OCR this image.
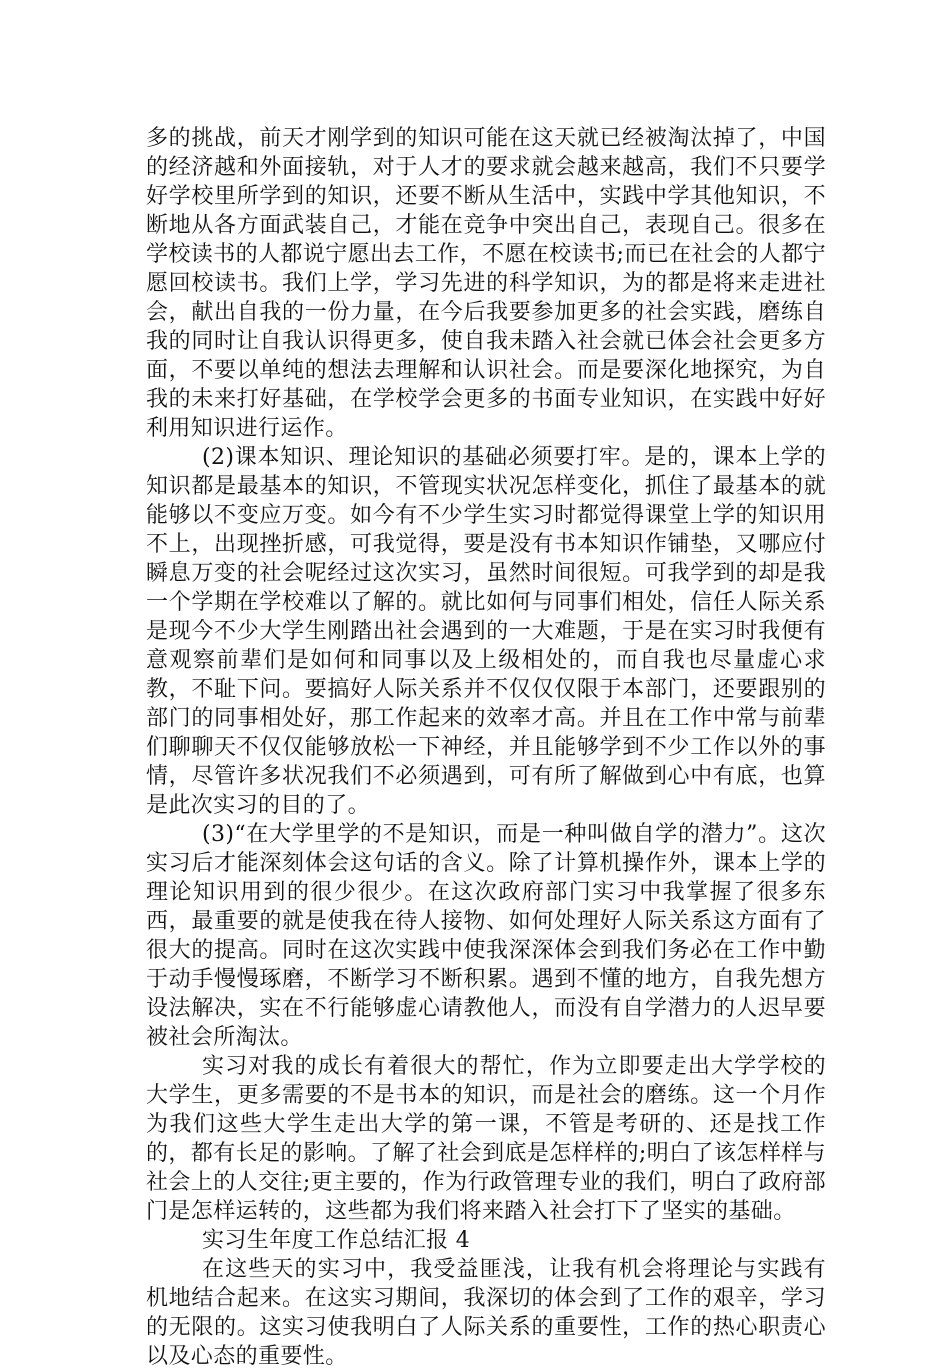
多的挑战，前天才刚学到的知识可能在这天就已经被淘汰掉了，中国的经济越和外面接轨，对于人才的要求就会越来越高，我们不只要学好学校里所学到的知识，还要不断从生活中，实践中学其他知识，不断地从各方面武装自己，才能在竞争中突出自己，表现自己。很多在学校读书的人都说宁愿出去工作，不愿在校读书;而已在社会的人都宁愿回校读书。我们上学，学习先进的科学知识，为的都是将来走进社会，献出自我的一份力量，在今后我要参加更多的社会实践，磨练自我的同时让自我认识得更多，使自我未踏入社会就已体会社会更多方面，不要以单纯的想法去理解和认识社会。而是要深化地探究，为自我的未来打好基础，在学校学会更多的书面专业知识，在实践中好好利用知识进行运作。

(2)课本知识、理论知识的基础必须要打牢。是的，课本上学的知识都是最基本的知识，不管现实状况怎样变化，抓住了最基本的就能够以不变应万变。如今有不少学生实习时都觉得课堂上学的知识用不上，出现挫折感，可我觉得，要是没有书本知识作铺垫，又哪应付瞬息万变的社会呢经过这次实习，虽然时间很短。可我学到的却是我一个学期在学校难以了解的。就比如何与同事们相处，信任人际关系是现今不少大学生刚踏出社会遇到的一大难题，于是在实习时我便有意观察前辈们是如何和同事以及上级相处的，而自我也尽量虚心求教，不耻下问。要搞好人际关系并不仅仅仅限于本部门，还要跟别的部门的同事相处好，那工作起来的效率才高。并且在工作中常与前辈们聊聊天不仅仅能够放松一下神经，并且能够学到不少工作以外的事情，尽管许多状况我们不必须遇到，可有所了解做到心中有底，也算是此次实习的目的了。

(3)“在大学里学的不是知识，而是一种叫做自学的潜力”。这次实习后才能深刻体会这句话的含义。除了计算机操作外，课本上学的理论知识用到的很少很少。在这次政府部门实习中我掌握了很多东西，最重要的就是使我在待人接物、如何处理好人际关系这方面有了很大的提高。同时在这次实践中使我深深体会到我们务必在工作中勤于动手慢慢琢磨，不断学习不断积累。遇到不懂的地方，自我先想方设法解决，实在不行能够虚心请教他人，而没有自学潜力的人迟早要被社会所淘汰。

实习对我的成长有着很大的帮忙，作为立即要走出大学学校的大学生，更多需要的不是书本的知识，而是社会的磨练。这一个月作为我们这些大学生走出大学的第一课，不管是考研的、还是找工作的，都有长足的影响。了解了社会到底是怎样样的;明白了该怎样样与社会上的人交往;更主要的，作为行政管理专业的我们，明白了政府部门是怎样运转的，这些都为我们将来踏入社会打下了坚实的基础。

实习生年度工作总结汇报 4

在这些天的实习中，我受益匪浅，让我有机会将理论与实践有机地结合起来。在这实习期间，我深切的体会到了工作的艰辛，学习的无限的。这实习使我明白了人际关系的重要性，工作的热心职责心以及心态的重要性。
